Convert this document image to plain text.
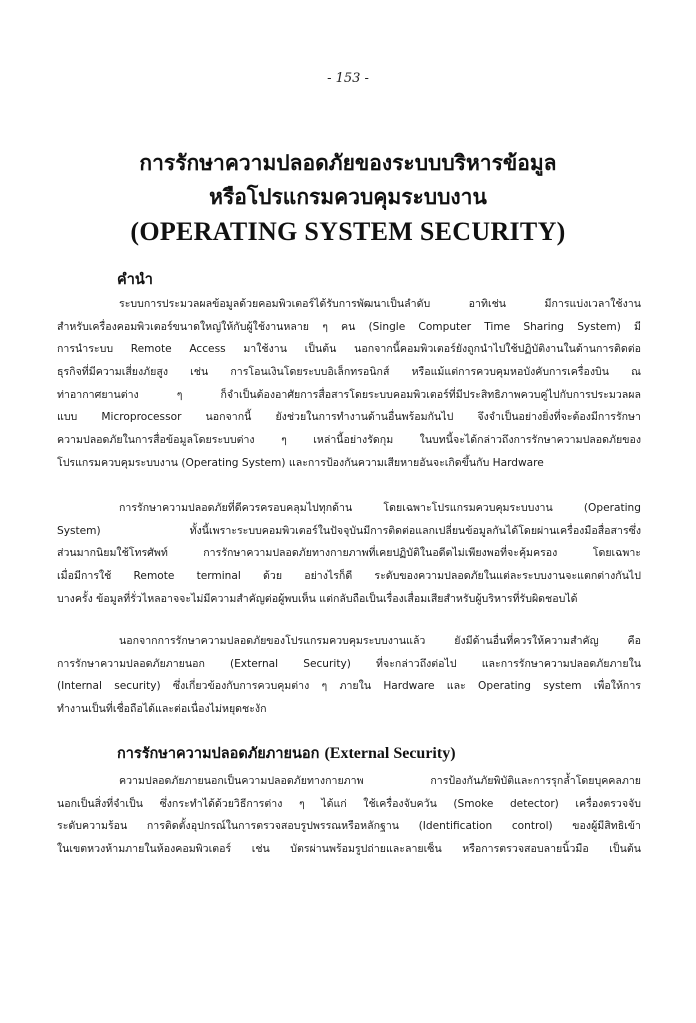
- 153 -
การรักษาความปลอดภัยของระบบบริหารข้อมูล
หรือโปรแกรมควบคุมระบบงาน
(OPERATING SYSTEM SECURITY)
คำนำ
ระบบการประมวลผลข้อมูลด้วยคอมพิวเตอร์ได้รับการพัฒนาเป็นลำดับ อาทิเช่น มีการแบ่งเวลาใช้งาน
สำหรับเครื่องคอมพิวเตอร์ขนาดใหญ่ให้กับผู้ใช้งานหลาย ๆ คน (Single Computer Time Sharing System) มี
การนำระบบ Remote Access มาใช้งาน เป็นต้น นอกจากนี้คอมพิวเตอร์ยังถูกนำไปใช้ปฏิบัติงานในด้านการติดต่อ
ธุรกิจที่มีความเสี่ยงภัยสูง เช่น การโอนเงินโดยระบบอิเล็กทรอนิกส์ หรือแม้แต่การควบคุมหอบังคับการเครื่องบิน ณ
ท่าอากาศยานต่าง ๆ ก็จำเป็นต้องอาศัยการสื่อสารโดยระบบคอมพิวเตอร์ที่มีประสิทธิภาพควบคู่ไปกับการประมวลผล
แบบ Microprocessor นอกจากนี้ ยังช่วยในการทำงานด้านอื่นพร้อมกันไป จึงจำเป็นอย่างยิ่งที่จะต้องมีการรักษา
ความปลอดภัยในการสื่อข้อมูลโดยระบบต่าง ๆ เหล่านี้อย่างรัดกุม ในบทนี้จะได้กล่าวถึงการรักษาความปลอดภัยของ
โปรแกรมควบคุมระบบงาน (Operating System) และการป้องกันความเสียหายอันจะเกิดขึ้นกับ Hardware
การรักษาความปลอดภัยที่ดีควรครอบคลุมไปทุกด้าน โดยเฉพาะโปรแกรมควบคุมระบบงาน (Operating
System) ทั้งนี้เพราะระบบคอมพิวเตอร์ในปัจจุบันมีการติดต่อแลกเปลี่ยนข้อมูลกันได้โดยผ่านเครื่องมือสื่อสารซึ่ง
ส่วนมากนิยมใช้โทรศัพท์ การรักษาความปลอดภัยทางกายภาพที่เคยปฏิบัติในอดีตไม่เพียงพอที่จะคุ้มครอง โดยเฉพาะ
เมื่อมีการใช้ Remote terminal ด้วย อย่างไรก็ดี ระดับของความปลอดภัยในแต่ละระบบงานจะแตกต่างกันไป
บางครั้ง ข้อมูลที่รั่วไหลอาจจะไม่มีความสำคัญต่อผู้พบเห็น แต่กลับถือเป็นเรื่องเสื่อมเสียสำหรับผู้บริหารที่รับผิดชอบได้
นอกจากการรักษาความปลอดภัยของโปรแกรมควบคุมระบบงานแล้ว ยังมีด้านอื่นที่ควรให้ความสำคัญ คือ
การรักษาความปลอดภัยภายนอก (External Security) ที่จะกล่าวถึงต่อไป และการรักษาความปลอดภัยภายใน
(Internal security) ซึ่งเกี่ยวข้องกับการควบคุมต่าง ๆ ภายใน Hardware และ Operating system เพื่อให้การ
ทำงานเป็นที่เชื่อถือได้และต่อเนื่องไม่หยุดชะงัก
การรักษาความปลอดภัยภายนอก (External Security)
ความปลอดภัยภายนอกเป็นความปลอดภัยทางกายภาพ การป้องกันภัยพิบัติและการรุกล้ำโดยบุคคลภาย
นอกเป็นสิ่งที่จำเป็น ซึ่งกระทำได้ด้วยวิธีการต่าง ๆ ได้แก่ ใช้เครื่องจับควัน (Smoke detector) เครื่องตรวจจับ
ระดับความร้อน การติดตั้งอุปกรณ์ในการตรวจสอบรูปพรรณหรือหลักฐาน (Identification control) ของผู้มีสิทธิเข้า
ในเขตหวงห้ามภายในห้องคอมพิวเตอร์ เช่น บัตรผ่านพร้อมรูปถ่ายและลายเซ็น หรือการตรวจสอบลายนิ้วมือ เป็นต้น
